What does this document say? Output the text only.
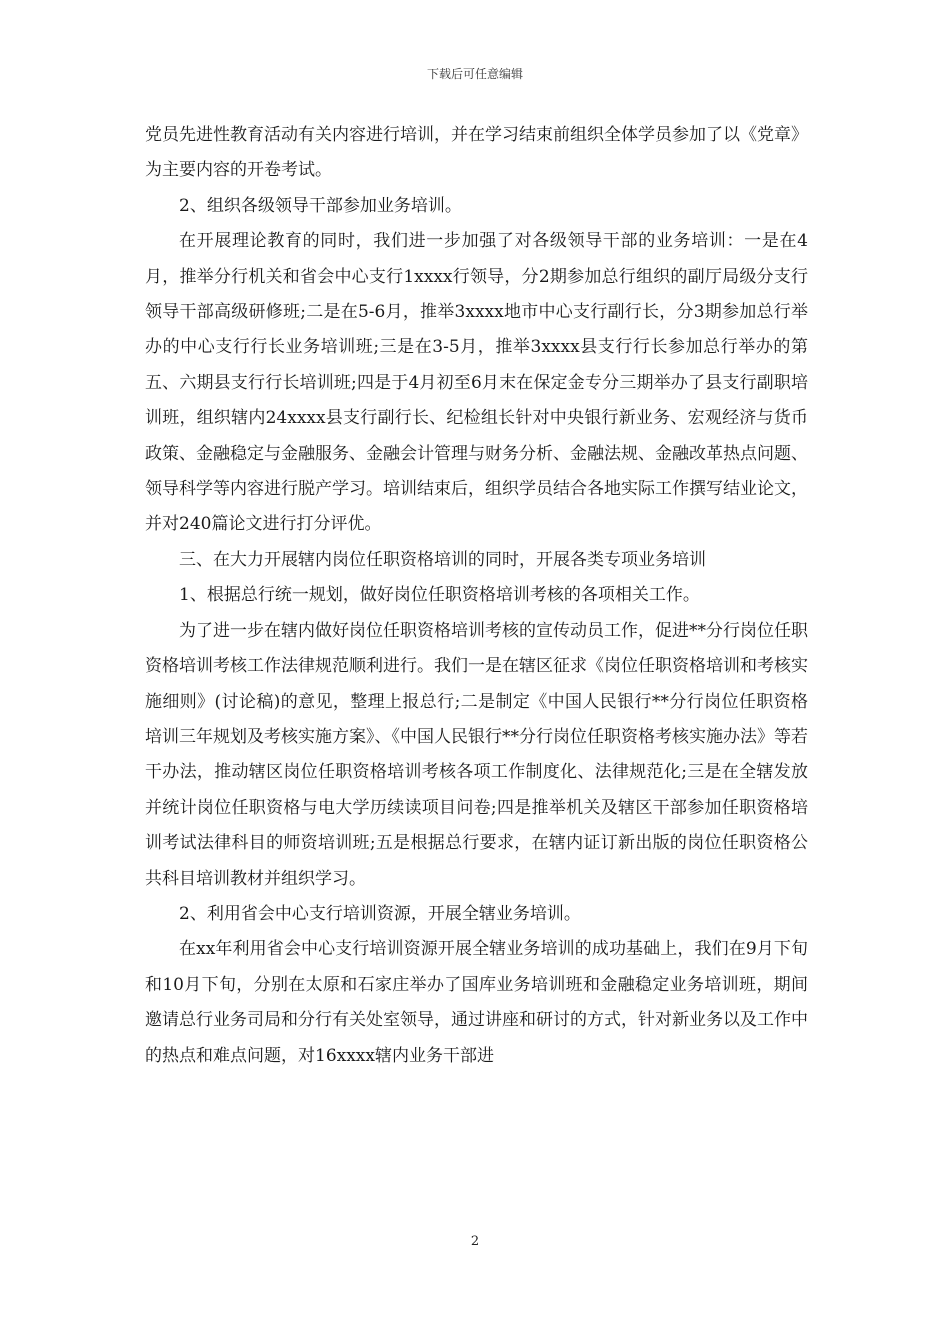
下载后可任意编辑

党员先进性教育活动有关内容进行培训，并在学习结束前组织全体学员参加了以《党章》为主要内容的开卷考试。

2、组织各级领导干部参加业务培训。

在开展理论教育的同时，我们进一步加强了对各级领导干部的业务培训：一是在4月，推举分行机关和省会中心支行1xxxx行领导，分2期参加总行组织的副厅局级分支行领导干部高级研修班;二是在5-6月，推举3xxxx地市中心支行副行长，分3期参加总行举办的中心支行行长业务培训班;三是在3-5月，推举3xxxx县支行行长参加总行举办的第五、六期县支行行长培训班;四是于4月初至6月末在保定金专分三期举办了县支行副职培训班，组织辖内24xxxx县支行副行长、纪检组长针对中央银行新业务、宏观经济与货币政策、金融稳定与金融服务、金融会计管理与财务分析、金融法规、金融改革热点问题、领导科学等内容进行脱产学习。培训结束后，组织学员结合各地实际工作撰写结业论文，并对240篇论文进行打分评优。

三、在大力开展辖内岗位任职资格培训的同时，开展各类专项业务培训

1、根据总行统一规划，做好岗位任职资格培训考核的各项相关工作。

为了进一步在辖内做好岗位任职资格培训考核的宣传动员工作，促进**分行岗位任职资格培训考核工作法律规范顺利进行。我们一是在辖区征求《岗位任职资格培训和考核实施细则》(讨论稿)的意见，整理上报总行;二是制定《中国人民银行**分行岗位任职资格培训三年规划及考核实施方案》、《中国人民银行**分行岗位任职资格考核实施办法》等若干办法，推动辖区岗位任职资格培训考核各项工作制度化、法律规范化;三是在全辖发放并统计岗位任职资格与电大学历续读项目问卷;四是推举机关及辖区干部参加任职资格培训考试法律科目的师资培训班;五是根据总行要求，在辖内证订新出版的岗位任职资格公共科目培训教材并组织学习。

2、利用省会中心支行培训资源，开展全辖业务培训。

在xx年利用省会中心支行培训资源开展全辖业务培训的成功基础上，我们在9月下旬和10月下旬，分别在太原和石家庄举办了国库业务培训班和金融稳定业务培训班，期间邀请总行业务司局和分行有关处室领导，通过讲座和研讨的方式，针对新业务以及工作中的热点和难点问题，对16xxxx辖内业务干部进

2
